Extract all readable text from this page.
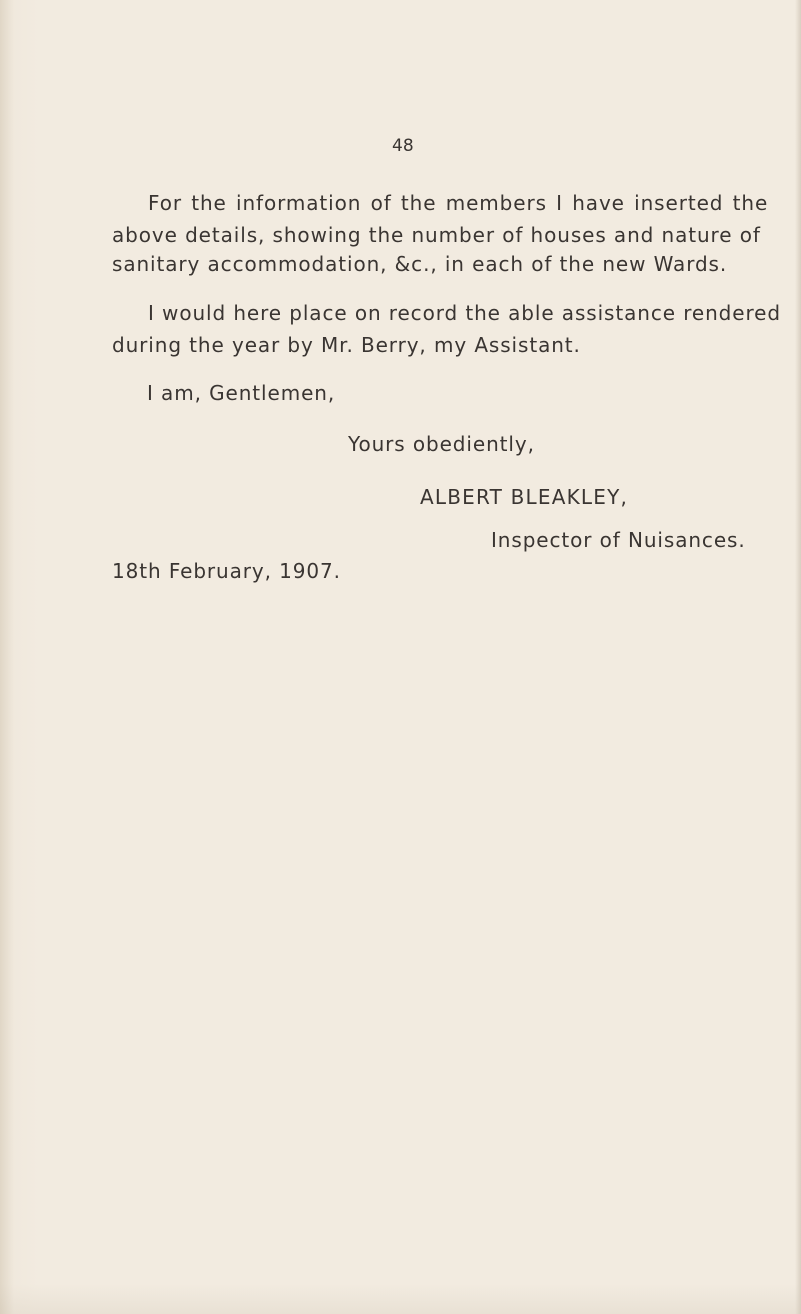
48
For the information of the members I have inserted the
above details, showing the number of houses and nature of
sanitary accommodation, &c., in each of the new Wards.
I would here place on record the able assistance rendered
during the year by Mr. Berry, my Assistant.
I am, Gentlemen,
Yours obediently,
ALBERT BLEAKLEY,
Inspector of Nuisances.
18th February, 1907.
